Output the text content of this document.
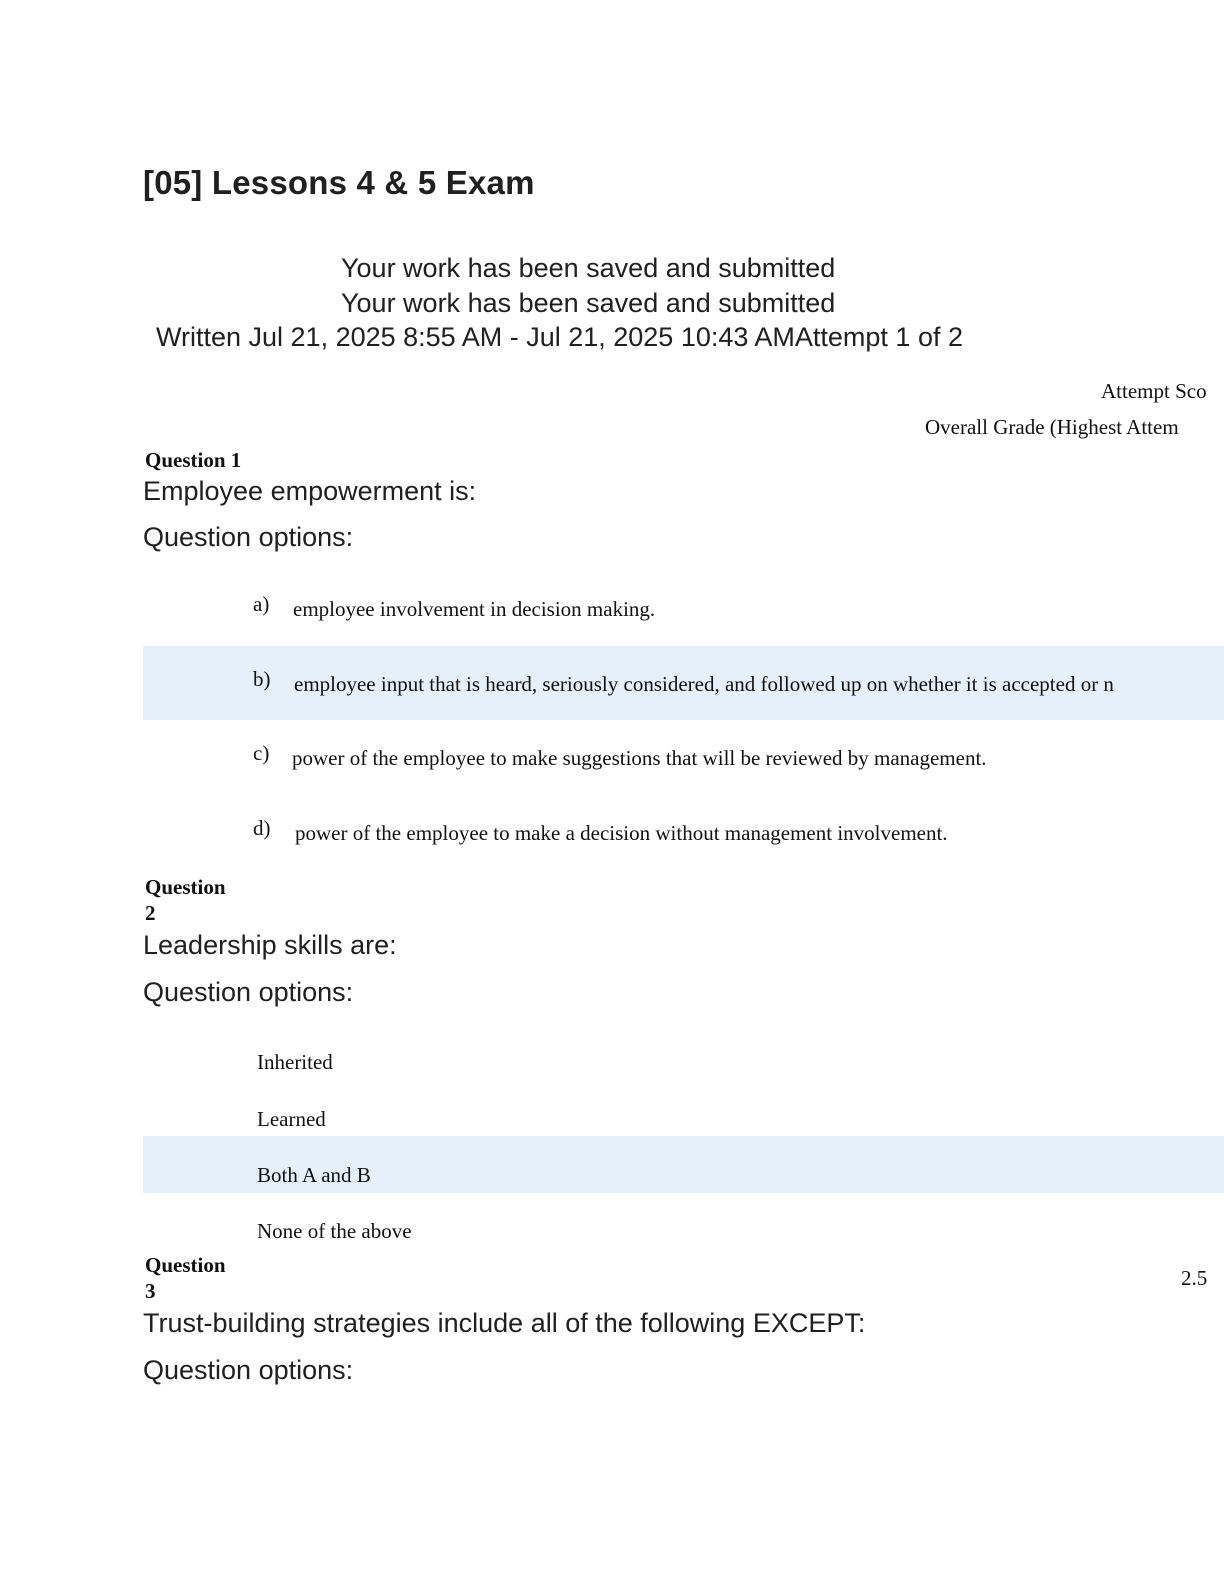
[05] Lessons 4 & 5 Exam
Your work has been saved and submitted
Your work has been saved and submitted
Written Jul 21, 2025 8:55 AM - Jul 21, 2025 10:43 AMAttempt 1 of 2
Attempt Sco
Overall Grade (Highest Attem
Question 1
Employee empowerment is:
Question options:
a) employee involvement in decision making.
b) employee input that is heard, seriously considered, and followed up on whether it is accepted or n
c) power of the employee to make suggestions that will be reviewed by management.
d) power of the employee to make a decision without management involvement.
Question
2
Leadership skills are:
Question options:
Inherited
Learned
Both A and B
None of the above
Question
3
2.5
Trust-building strategies include all of the following EXCEPT:
Question options:
